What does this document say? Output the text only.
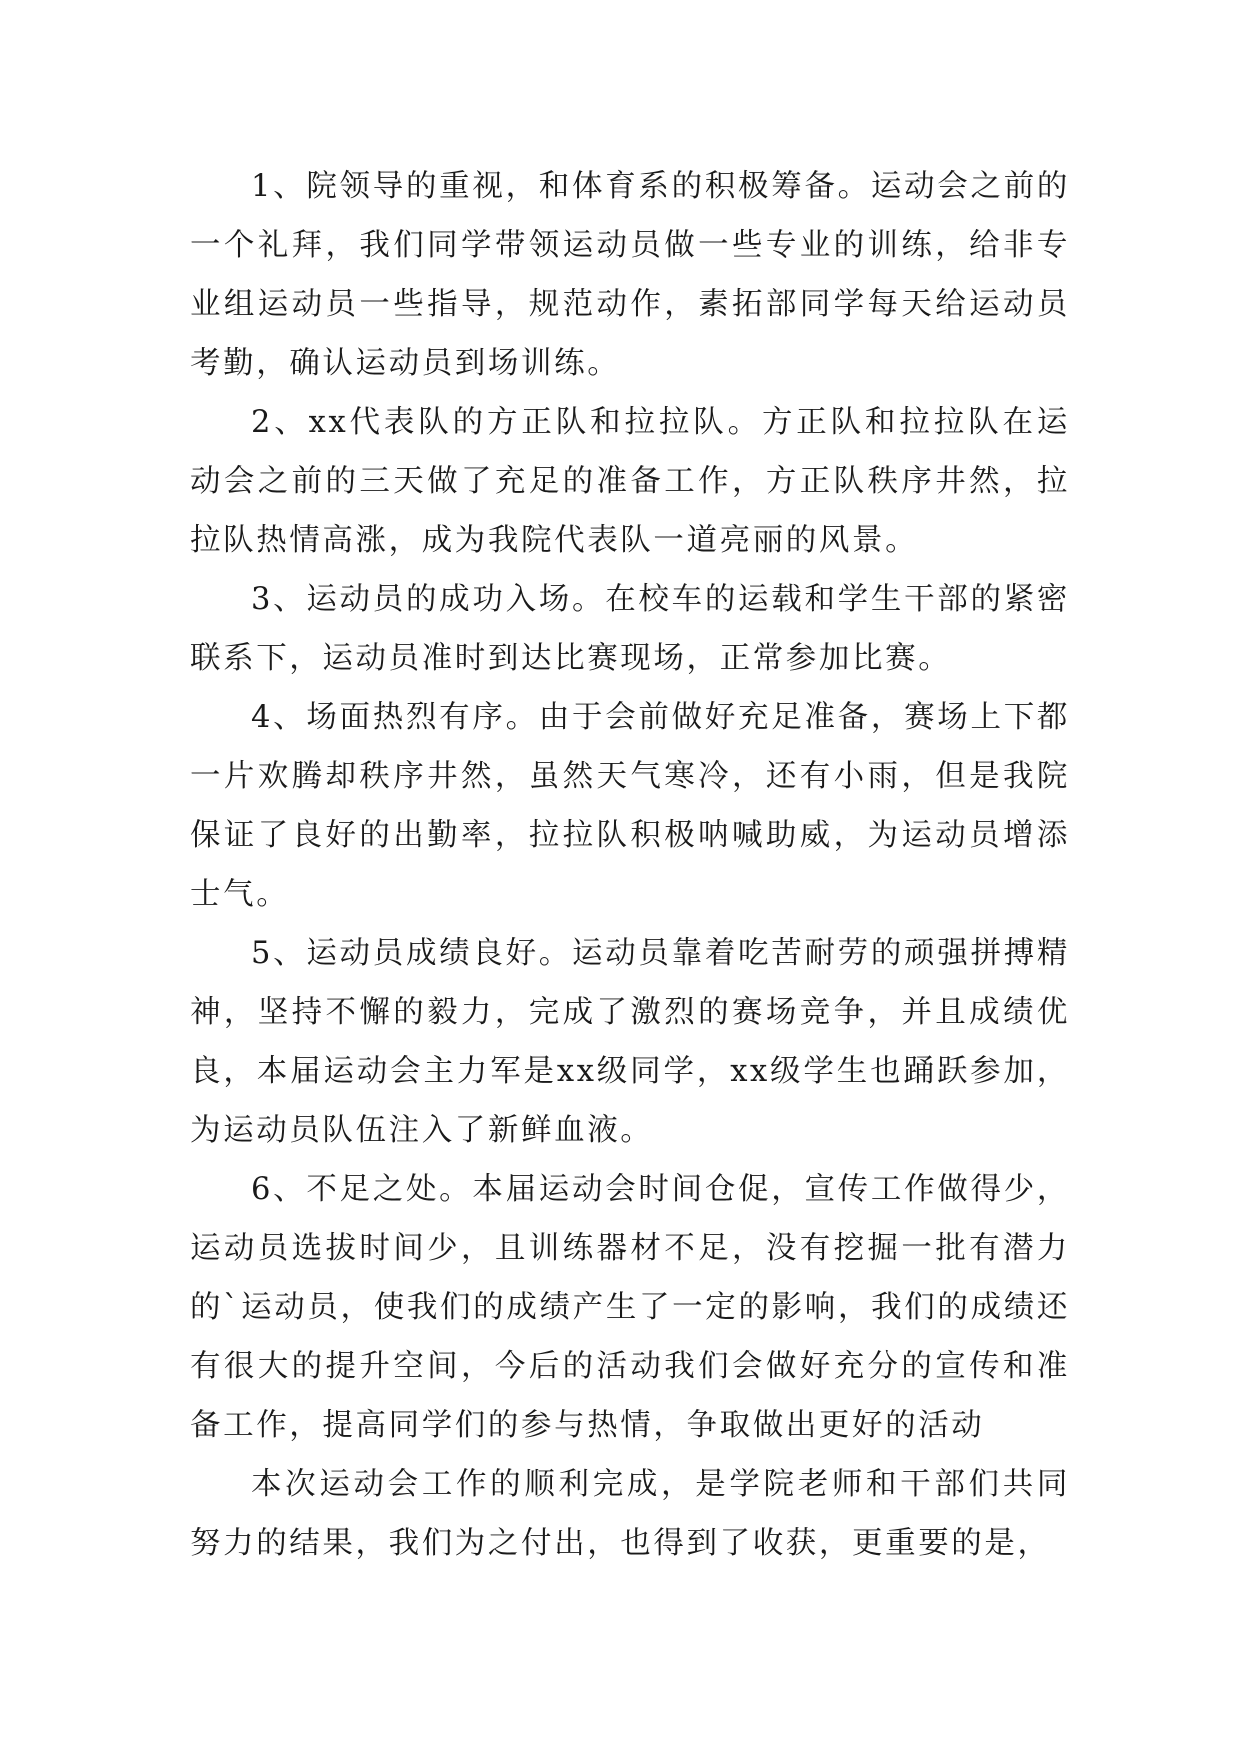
1、院领导的重视，和体育系的积极筹备。运动会之前的一个礼拜，我们同学带领运动员做一些专业的训练，给非专业组运动员一些指导，规范动作，素拓部同学每天给运动员考勤，确认运动员到场训练。

2、xx代表队的方正队和拉拉队。方正队和拉拉队在运动会之前的三天做了充足的准备工作，方正队秩序井然，拉拉队热情高涨，成为我院代表队一道亮丽的风景。

3、运动员的成功入场。在校车的运载和学生干部的紧密联系下，运动员准时到达比赛现场，正常参加比赛。

4、场面热烈有序。由于会前做好充足准备，赛场上下都一片欢腾却秩序井然，虽然天气寒冷，还有小雨，但是我院保证了良好的出勤率，拉拉队积极呐喊助威，为运动员增添士气。

5、运动员成绩良好。运动员靠着吃苦耐劳的顽强拼搏精神，坚持不懈的毅力，完成了激烈的赛场竞争，并且成绩优良，本届运动会主力军是xx级同学，xx级学生也踊跃参加，为运动员队伍注入了新鲜血液。

6、不足之处。本届运动会时间仓促，宣传工作做得少，运动员选拔时间少，且训练器材不足，没有挖掘一批有潜力的`运动员，使我们的成绩产生了一定的影响，我们的成绩还有很大的提升空间，今后的活动我们会做好充分的宣传和准备工作，提高同学们的参与热情，争取做出更好的活动

本次运动会工作的顺利完成，是学院老师和干部们共同努力的结果，我们为之付出，也得到了收获，更重要的是，
